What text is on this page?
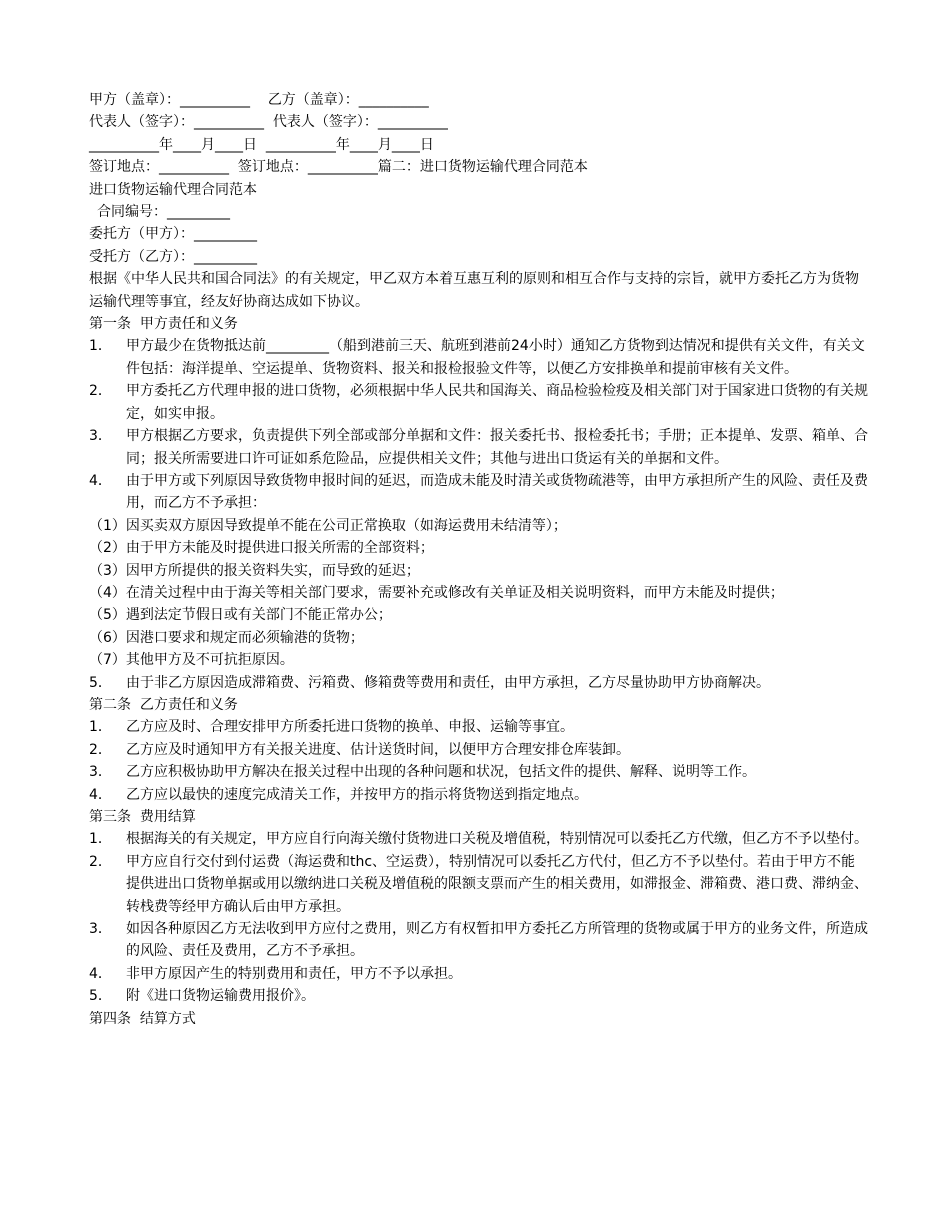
甲方（盖章）：__________ 乙方（盖章）：__________
代表人（签字）：__________ 代表人（签字）：__________
__________年____月____日 __________年____月____日
签订地点：__________ 签订地点：__________篇二：进口货物运输代理合同范本
进口货物运输代理合同范本
合同编号：_________
委托方（甲方）：_________
受托方（乙方）：_________
根据《中华人民共和国合同法》的有关规定，甲乙双方本着互惠互利的原则和相互合作与支持的宗旨，就甲方委托乙方为货物运输代理等事宜，经友好协商达成如下协议。
第一条  甲方责任和义务
1．	甲方最少在货物抵达前_________（船到港前三天、航班到港前24小时）通知乙方货物到达情况和提供有关文件，有关文件包括：海洋提单、空运提单、货物资料、报关和报检报验文件等，以便乙方安排换单和提前审核有关文件。
2．	甲方委托乙方代理申报的进口货物，必须根据中华人民共和国海关、商品检验检疫及相关部门对于国家进口货物的有关规定，如实申报。
3．	甲方根据乙方要求，负责提供下列全部或部分单据和文件：报关委托书、报检委托书；手册；正本提单、发票、箱单、合同；报关所需要进口许可证如系危险品，应提供相关文件；其他与进出口货运有关的单据和文件。
4．	由于甲方或下列原因导致货物申报时间的延迟，而造成未能及时清关或货物疏港等，由甲方承担所产生的风险、责任及费用，而乙方不予承担：
（1）因买卖双方原因导致提单不能在公司正常换取（如海运费用未结清等）；
（2）由于甲方未能及时提供进口报关所需的全部资料；
（3）因甲方所提供的报关资料失实，而导致的延迟；
（4）在清关过程中由于海关等相关部门要求，需要补充或修改有关单证及相关说明资料，而甲方未能及时提供；
（5）遇到法定节假日或有关部门不能正常办公；
（6）因港口要求和规定而必须输港的货物；
（7）其他甲方及不可抗拒原因。
5．	由于非乙方原因造成滞箱费、污箱费、修箱费等费用和责任，由甲方承担，乙方尽量协助甲方协商解决。
第二条  乙方责任和义务
1．	乙方应及时、合理安排甲方所委托进口货物的换单、申报、运输等事宜。
2．	乙方应及时通知甲方有关报关进度、估计送货时间，以便甲方合理安排仓库装卸。
3．	乙方应积极协助甲方解决在报关过程中出现的各种问题和状况，包括文件的提供、解释、说明等工作。
4．	乙方应以最快的速度完成清关工作，并按甲方的指示将货物送到指定地点。
第三条  费用结算
1．	根据海关的有关规定，甲方应自行向海关缴付货物进口关税及增值税，特别情况可以委托乙方代缴，但乙方不予以垫付。
2．	甲方应自行交付到付运费（海运费和thc、空运费），特别情况可以委托乙方代付，但乙方不予以垫付。若由于甲方不能提供进出口货物单据或用以缴纳进口关税及增值税的限额支票而产生的相关费用，如滞报金、滞箱费、港口费、滞纳金、转栈费等经甲方确认后由甲方承担。
3．	如因各种原因乙方无法收到甲方应付之费用，则乙方有权暂扣甲方委托乙方所管理的货物或属于甲方的业务文件，所造成的风险、责任及费用，乙方不予承担。
4．	非甲方原因产生的特别费用和责任，甲方不予以承担。
5．	附《进口货物运输费用报价》。
第四条  结算方式
